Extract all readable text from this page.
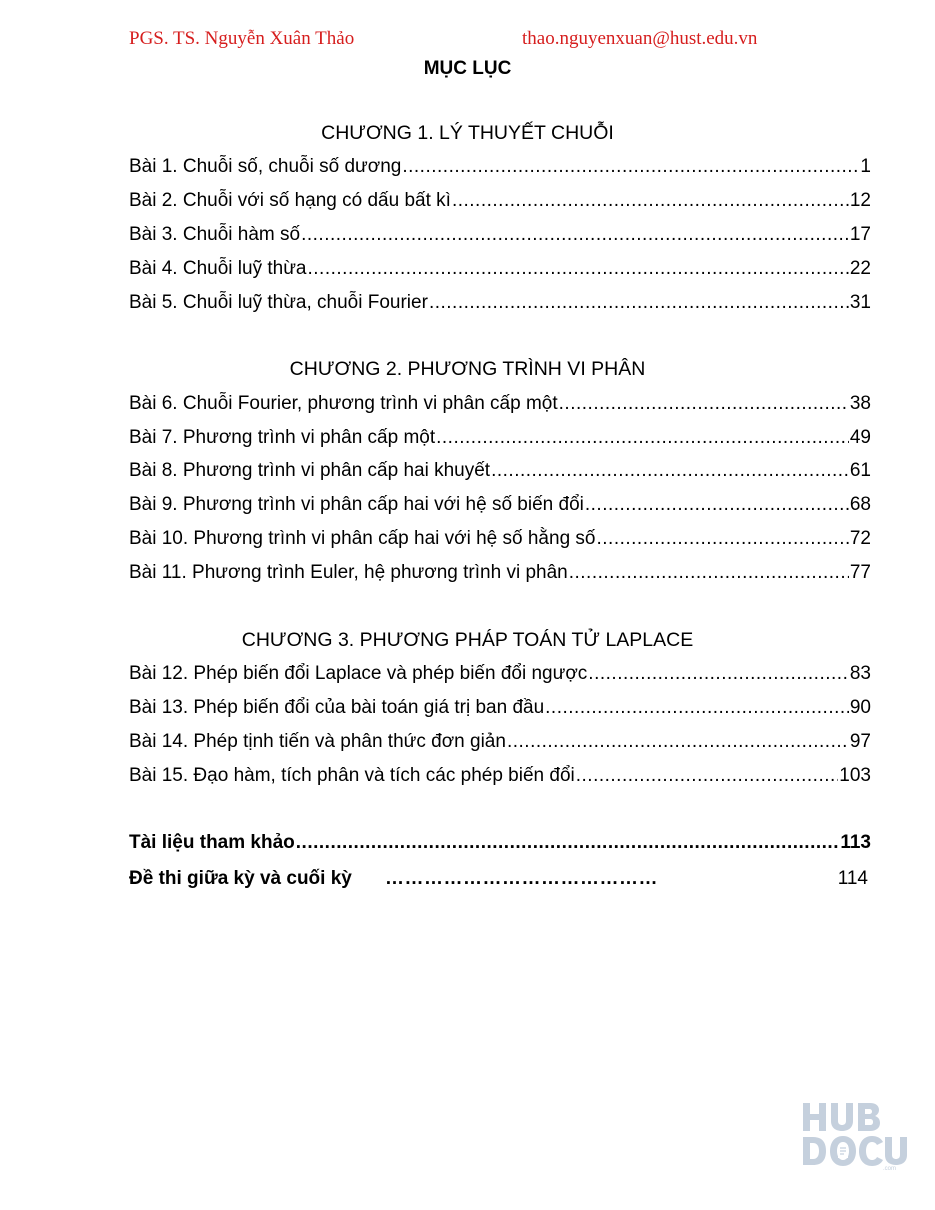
PGS. TS. Nguyễn Xuân Thảo	thao.nguyenxuan@hust.edu.vn
MỤC LỤC
CHƯƠNG 1. LÝ THUYẾT CHUỖI
Bài 1. Chuỗi số, chuỗi số dương .....	1
Bài 2. Chuỗi với số hạng có dấu bất kì .....	12
Bài 3. Chuỗi hàm số .....	17
Bài 4. Chuỗi luỹ thừa .....	22
Bài 5. Chuỗi luỹ thừa, chuỗi Fourier .....	31
CHƯƠNG 2. PHƯƠNG TRÌNH VI PHÂN
Bài 6. Chuỗi Fourier, phương trình vi phân cấp một .....	38
Bài 7. Phương trình vi phân cấp một .....	49
Bài 8. Phương trình vi phân cấp hai khuyết .....	61
Bài 9. Phương trình vi phân cấp hai với hệ số biến đổi .....	68
Bài 10. Phương trình vi phân cấp hai với hệ số hằng số .....	72
Bài 11. Phương trình Euler, hệ phương trình vi phân .....	77
CHƯƠNG 3. PHƯƠNG PHÁP TOÁN TỬ LAPLACE
Bài 12. Phép biến đổi Laplace và phép biến đổi ngược .....	83
Bài 13. Phép biến đổi của bài toán giá trị ban đầu .....	90
Bài 14. Phép tịnh tiến và phân thức đơn giản .....	97
Bài 15. Đạo hàm, tích phân và tích các phép biến đổi .....	103
Tài liệu tham khảo .....	113
Đề thi giữa kỳ và cuối kỳ ……………………………………	114
.com
